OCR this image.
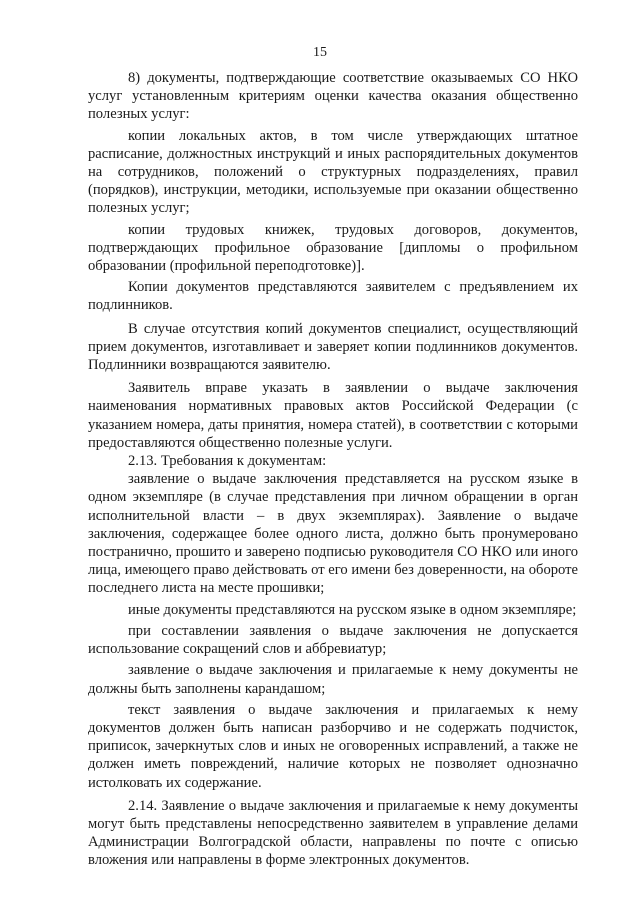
15

8) документы, подтверждающие соответствие оказываемых СО НКО услуг установленным критериям оценки качества оказания общественно полезных услуг:

копии локальных актов, в том числе утверждающих штатное расписание, должностных инструкций и иных распорядительных документов на сотрудников, положений о структурных подразделениях, правил (порядков), инструкции, методики, используемые при оказании общественно полезных услуг;

копии трудовых книжек, трудовых договоров, документов, подтверждающих профильное образование [дипломы о профильном образовании (профильной переподготовке)].

Копии документов представляются заявителем с предъявлением их подлинников.

В случае отсутствия копий документов специалист, осуществляющий прием документов, изготавливает и заверяет копии подлинников документов. Подлинники возвращаются заявителю.

Заявитель вправе указать в заявлении о выдаче заключения наименования нормативных правовых актов Российской Федерации (с указанием номера, даты принятия, номера статей), в соответствии с которыми предоставляются общественно полезные услуги.

2.13. Требования к документам:

заявление о выдаче заключения представляется на русском языке в одном экземпляре (в случае представления при личном обращении в орган исполнительной власти – в двух экземплярах). Заявление о выдаче заключения, содержащее более одного листа, должно быть пронумеровано постранично, прошито и заверено подписью руководителя СО НКО или иного лица, имеющего право действовать от его имени без доверенности, на обороте последнего листа на месте прошивки;

иные документы представляются на русском языке в одном экземпляре;

при составлении заявления о выдаче заключения не допускается использование сокращений слов и аббревиатур;

заявление о выдаче заключения и прилагаемые к нему документы не должны быть заполнены карандашом;

текст заявления о выдаче заключения и прилагаемых к нему документов должен быть написан разборчиво и не содержать подчисток, приписок, зачеркнутых слов и иных не оговоренных исправлений, а также не должен иметь повреждений, наличие которых не позволяет однозначно истолковать их содержание.

2.14. Заявление о выдаче заключения и прилагаемые к нему документы могут быть представлены непосредственно заявителем в управление делами Администрации Волгоградской области, направлены по почте с описью вложения или направлены в форме электронных документов.
